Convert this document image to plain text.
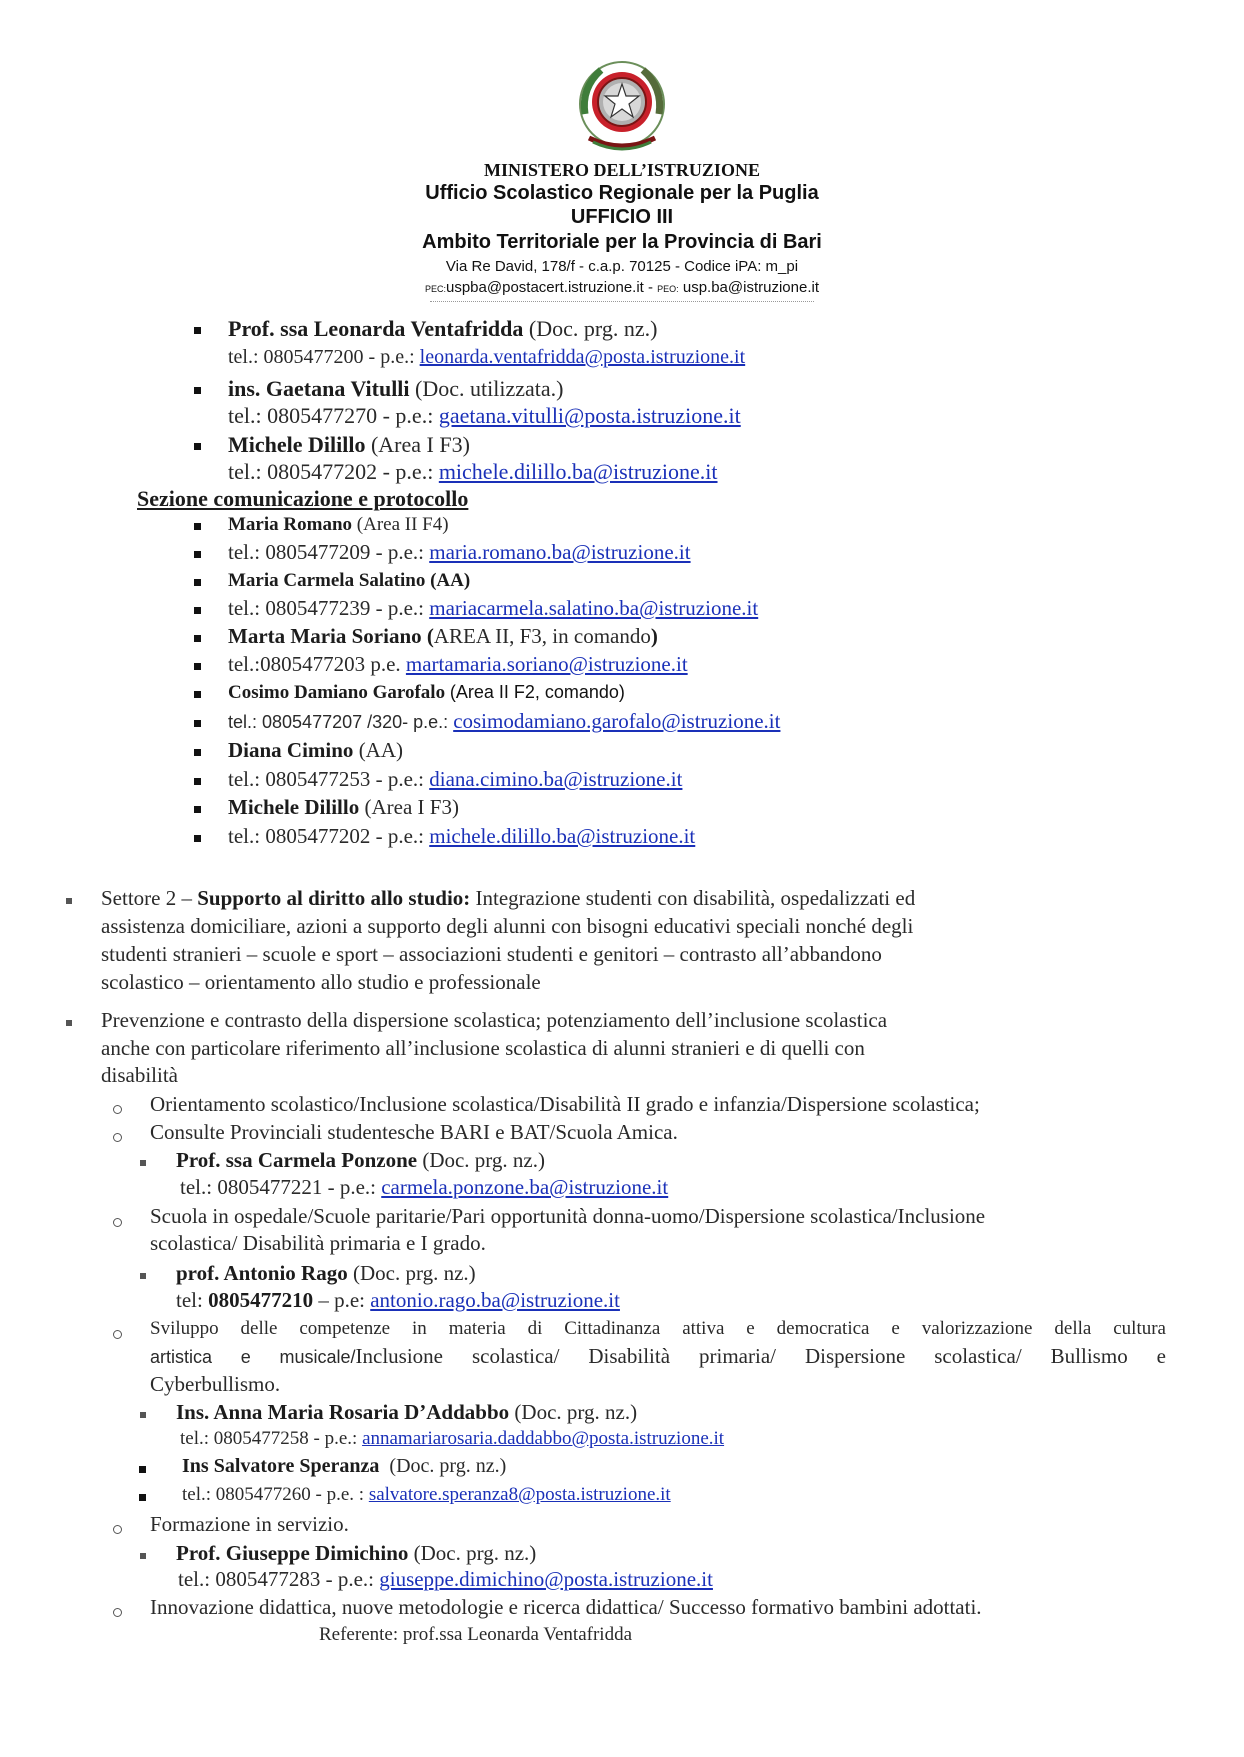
MINISTERO DELL’ISTRUZIONE
Ufficio Scolastico Regionale per la Puglia
UFFICIO III
Ambito Territoriale per la Provincia di Bari
Via Re David, 178/f - c.a.p. 70125 - Codice iPA: m_pi
PEC:uspba@postacert.istruzione.it - PEO: usp.ba@istruzione.it
Prof. ssa Leonarda Ventafridda (Doc. prg. nz.)
tel.: 0805477200 - p.e.: leonarda.ventafridda@posta.istruzione.it
ins. Gaetana Vitulli (Doc. utilizzata.)
tel.: 0805477270 - p.e.: gaetana.vitulli@posta.istruzione.it
Michele Dilillo (Area I F3)
tel.: 0805477202 - p.e.: michele.dilillo.ba@istruzione.it
Sezione comunicazione e protocollo
Maria Romano (Area II F4)
tel.: 0805477209 - p.e.: maria.romano.ba@istruzione.it
Maria Carmela Salatino (AA)
tel.: 0805477239 - p.e.: mariacarmela.salatino.ba@istruzione.it
Marta Maria Soriano (AREA II, F3, in comando)
tel.:0805477203 p.e. martamaria.soriano@istruzione.it
Cosimo Damiano Garofalo (Area II F2, comando)
tel.: 0805477207 /320- p.e.: cosimodamiano.garofalo@istruzione.it
Diana Cimino (AA)
tel.: 0805477253 - p.e.: diana.cimino.ba@istruzione.it
Michele Dilillo (Area I F3)
tel.: 0805477202 - p.e.: michele.dilillo.ba@istruzione.it
Settore 2 – Supporto al diritto allo studio: Integrazione studenti con disabilità, ospedalizzati ed
assistenza domiciliare, azioni a supporto degli alunni con bisogni educativi speciali nonché degli
studenti stranieri – scuole e sport – associazioni studenti e genitori – contrasto all’abbandono
scolastico – orientamento allo studio e professionale
Prevenzione e contrasto della dispersione scolastica; potenziamento dell’inclusione scolastica
anche con particolare riferimento all’inclusione scolastica di alunni stranieri e di quelli con
disabilità
Orientamento scolastico/Inclusione scolastica/Disabilità II grado e infanzia/Dispersione scolastica;
Consulte Provinciali studentesche BARI e BAT/Scuola Amica.
Prof. ssa Carmela Ponzone (Doc. prg. nz.)
tel.: 0805477221 - p.e.: carmela.ponzone.ba@istruzione.it
Scuola in ospedale/Scuole paritarie/Pari opportunità donna-uomo/Dispersione scolastica/Inclusione
scolastica/ Disabilità primaria e I grado.
prof. Antonio Rago (Doc. prg. nz.)
tel: 0805477210 – p.e: antonio.rago.ba@istruzione.it
Sviluppo delle competenze in materia di Cittadinanza attiva e democratica e valorizzazione della cultura
artistica e musicale/Inclusione scolastica/ Disabilità primaria/ Dispersione scolastica/ Bullismo e
Cyberbullismo.
Ins. Anna Maria Rosaria D’Addabbo (Doc. prg. nz.)
tel.: 0805477258 - p.e.: annamariarosaria.daddabbo@posta.istruzione.it
Ins Salvatore Speranza (Doc. prg. nz.)
tel.: 0805477260 - p.e. : salvatore.speranza8@posta.istruzione.it
Formazione in servizio.
Prof. Giuseppe Dimichino (Doc. prg. nz.)
tel.: 0805477283 - p.e.: giuseppe.dimichino@posta.istruzione.it
Innovazione didattica, nuove metodologie e ricerca didattica/ Successo formativo bambini adottati.
Referente: prof.ssa Leonarda Ventafridda
